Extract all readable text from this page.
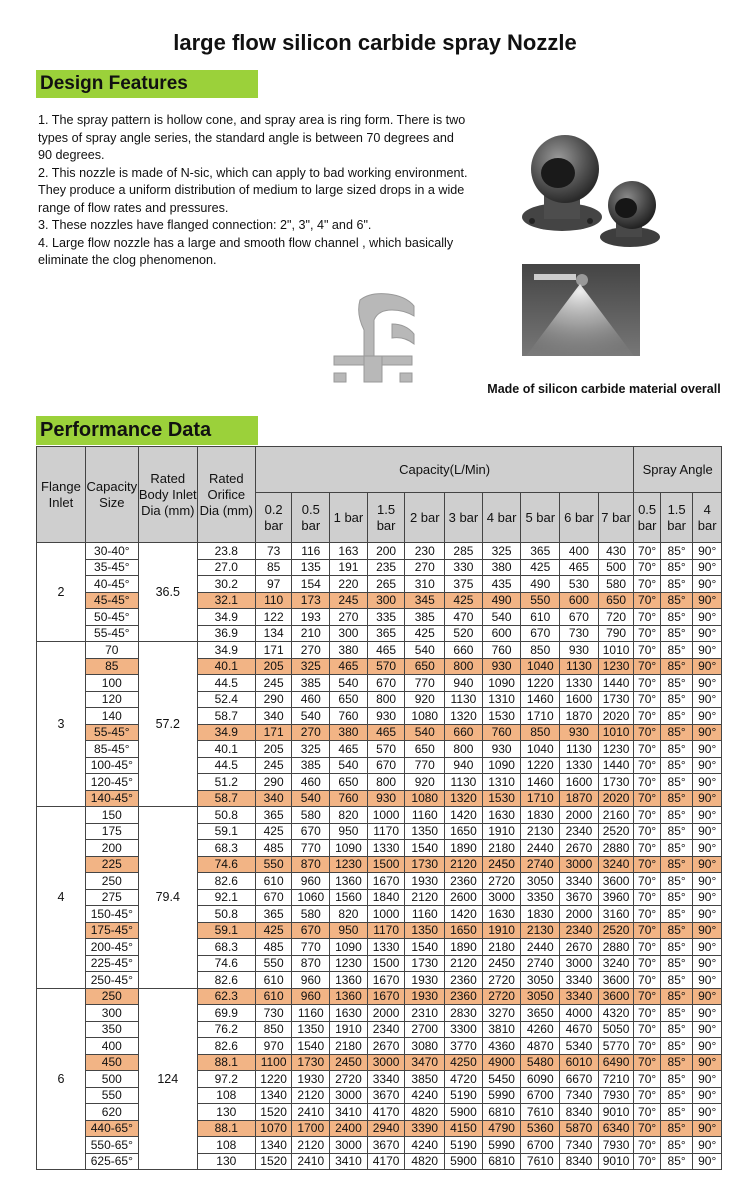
large flow silicon carbide spray Nozzle
Design Features
1. The spray pattern is hollow cone, and spray area is ring form. There is two types of spray angle series, the standard angle is between 70 degrees and 90 degrees.
2. This nozzle is made of N-sic, which can apply to bad working environment. They produce a uniform distribution of medium to large sized drops in a wide range of flow rates and pressures.
3. These nozzles have flanged connection: 2", 3", 4" and 6".
4. Large flow nozzle has a large and smooth flow channel , which basically eliminate the clog phenomenon.
Made of silicon carbide material overall
Performance Data
Flange Inlet	Capacity Size	Rated Body Inlet Dia (mm)	Rated Orifice Dia (mm)	Capacity(L/Min)										Spray Angle		
				0.2 bar	0.5 bar	1 bar	1.5 bar	2 bar	3 bar	4 bar	5 bar	6 bar	7 bar	0.5 bar	1.5 bar	4 bar
2	30-40°	36.5	23.8	73	116	163	200	230	285	325	365	400	430	70°	85°	90°
	35-45°		27.0	85	135	191	235	270	330	380	425	465	500	70°	85°	90°
	40-45°		30.2	97	154	220	265	310	375	435	490	530	580	70°	85°	90°
	45-45°		32.1	110	173	245	300	345	425	490	550	600	650	70°	85°	90°
	50-45°		34.9	122	193	270	335	385	470	540	610	670	720	70°	85°	90°
	55-45°		36.9	134	210	300	365	425	520	600	670	730	790	70°	85°	90°
3	70	57.2	34.9	171	270	380	465	540	660	760	850	930	1010	70°	85°	90°
	85		40.1	205	325	465	570	650	800	930	1040	1130	1230	70°	85°	90°
	100		44.5	245	385	540	670	770	940	1090	1220	1330	1440	70°	85°	90°
	120		52.4	290	460	650	800	920	1130	1310	1460	1600	1730	70°	85°	90°
	140		58.7	340	540	760	930	1080	1320	1530	1710	1870	2020	70°	85°	90°
	55-45°		34.9	171	270	380	465	540	660	760	850	930	1010	70°	85°	90°
	85-45°		40.1	205	325	465	570	650	800	930	1040	1130	1230	70°	85°	90°
	100-45°		44.5	245	385	540	670	770	940	1090	1220	1330	1440	70°	85°	90°
	120-45°		51.2	290	460	650	800	920	1130	1310	1460	1600	1730	70°	85°	90°
	140-45°		58.7	340	540	760	930	1080	1320	1530	1710	1870	2020	70°	85°	90°
4	150	79.4	50.8	365	580	820	1000	1160	1420	1630	1830	2000	2160	70°	85°	90°
	175		59.1	425	670	950	1170	1350	1650	1910	2130	2340	2520	70°	85°	90°
	200		68.3	485	770	1090	1330	1540	1890	2180	2440	2670	2880	70°	85°	90°
	225		74.6	550	870	1230	1500	1730	2120	2450	2740	3000	3240	70°	85°	90°
	250		82.6	610	960	1360	1670	1930	2360	2720	3050	3340	3600	70°	85°	90°
	275		92.1	670	1060	1560	1840	2120	2600	3000	3350	3670	3960	70°	85°	90°
	150-45°		50.8	365	580	820	1000	1160	1420	1630	1830	2000	3160	70°	85°	90°
	175-45°		59.1	425	670	950	1170	1350	1650	1910	2130	2340	2520	70°	85°	90°
	200-45°		68.3	485	770	1090	1330	1540	1890	2180	2440	2670	2880	70°	85°	90°
	225-45°		74.6	550	870	1230	1500	1730	2120	2450	2740	3000	3240	70°	85°	90°
	250-45°		82.6	610	960	1360	1670	1930	2360	2720	3050	3340	3600	70°	85°	90°
6	250	124	62.3	610	960	1360	1670	1930	2360	2720	3050	3340	3600	70°	85°	90°
	300		69.9	730	1160	1630	2000	2310	2830	3270	3650	4000	4320	70°	85°	90°
	350		76.2	850	1350	1910	2340	2700	3300	3810	4260	4670	5050	70°	85°	90°
	400		82.6	970	1540	2180	2670	3080	3770	4360	4870	5340	5770	70°	85°	90°
	450		88.1	1100	1730	2450	3000	3470	4250	4900	5480	6010	6490	70°	85°	90°
	500		97.2	1220	1930	2720	3340	3850	4720	5450	6090	6670	7210	70°	85°	90°
	550		108	1340	2120	3000	3670	4240	5190	5990	6700	7340	7930	70°	85°	90°
	620		130	1520	2410	3410	4170	4820	5900	6810	7610	8340	9010	70°	85°	90°
	440-65°		88.1	1070	1700	2400	2940	3390	4150	4790	5360	5870	6340	70°	85°	90°
	550-65°		108	1340	2120	3000	3670	4240	5190	5990	6700	7340	7930	70°	85°	90°
	625-65°		130	1520	2410	3410	4170	4820	5900	6810	7610	8340	9010	70°	85°	90°
